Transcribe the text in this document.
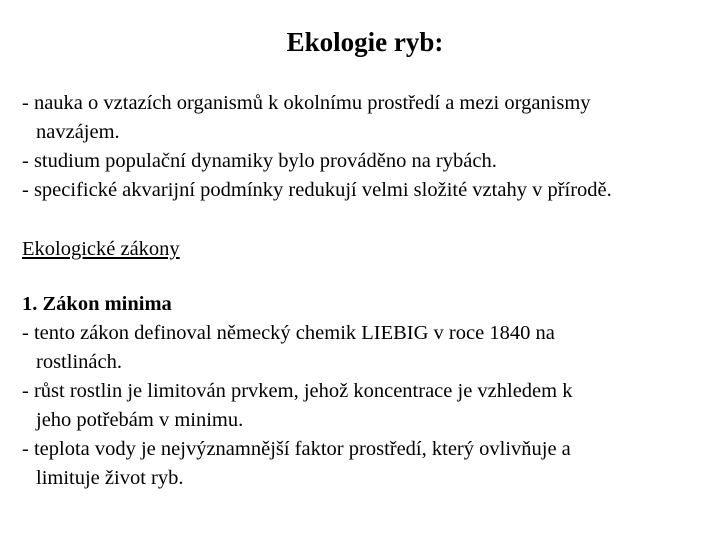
Ekologie ryb:
- nauka o vztazích organismů k okolnímu prostředí a mezi organismy
navzájem.
- studium populační dynamiky bylo prováděno na rybách.
- specifické akvarijní podmínky redukují velmi složité vztahy v přírodě.
Ekologické zákony
1. Zákon minima
- tento zákon definoval německý chemik LIEBIG v roce 1840 na
rostlinách.
- růst rostlin je limitován prvkem, jehož koncentrace je vzhledem k
jeho potřebám v minimu.
- teplota vody je nejvýznamnější faktor prostředí, který ovlivňuje a
limituje život ryb.
